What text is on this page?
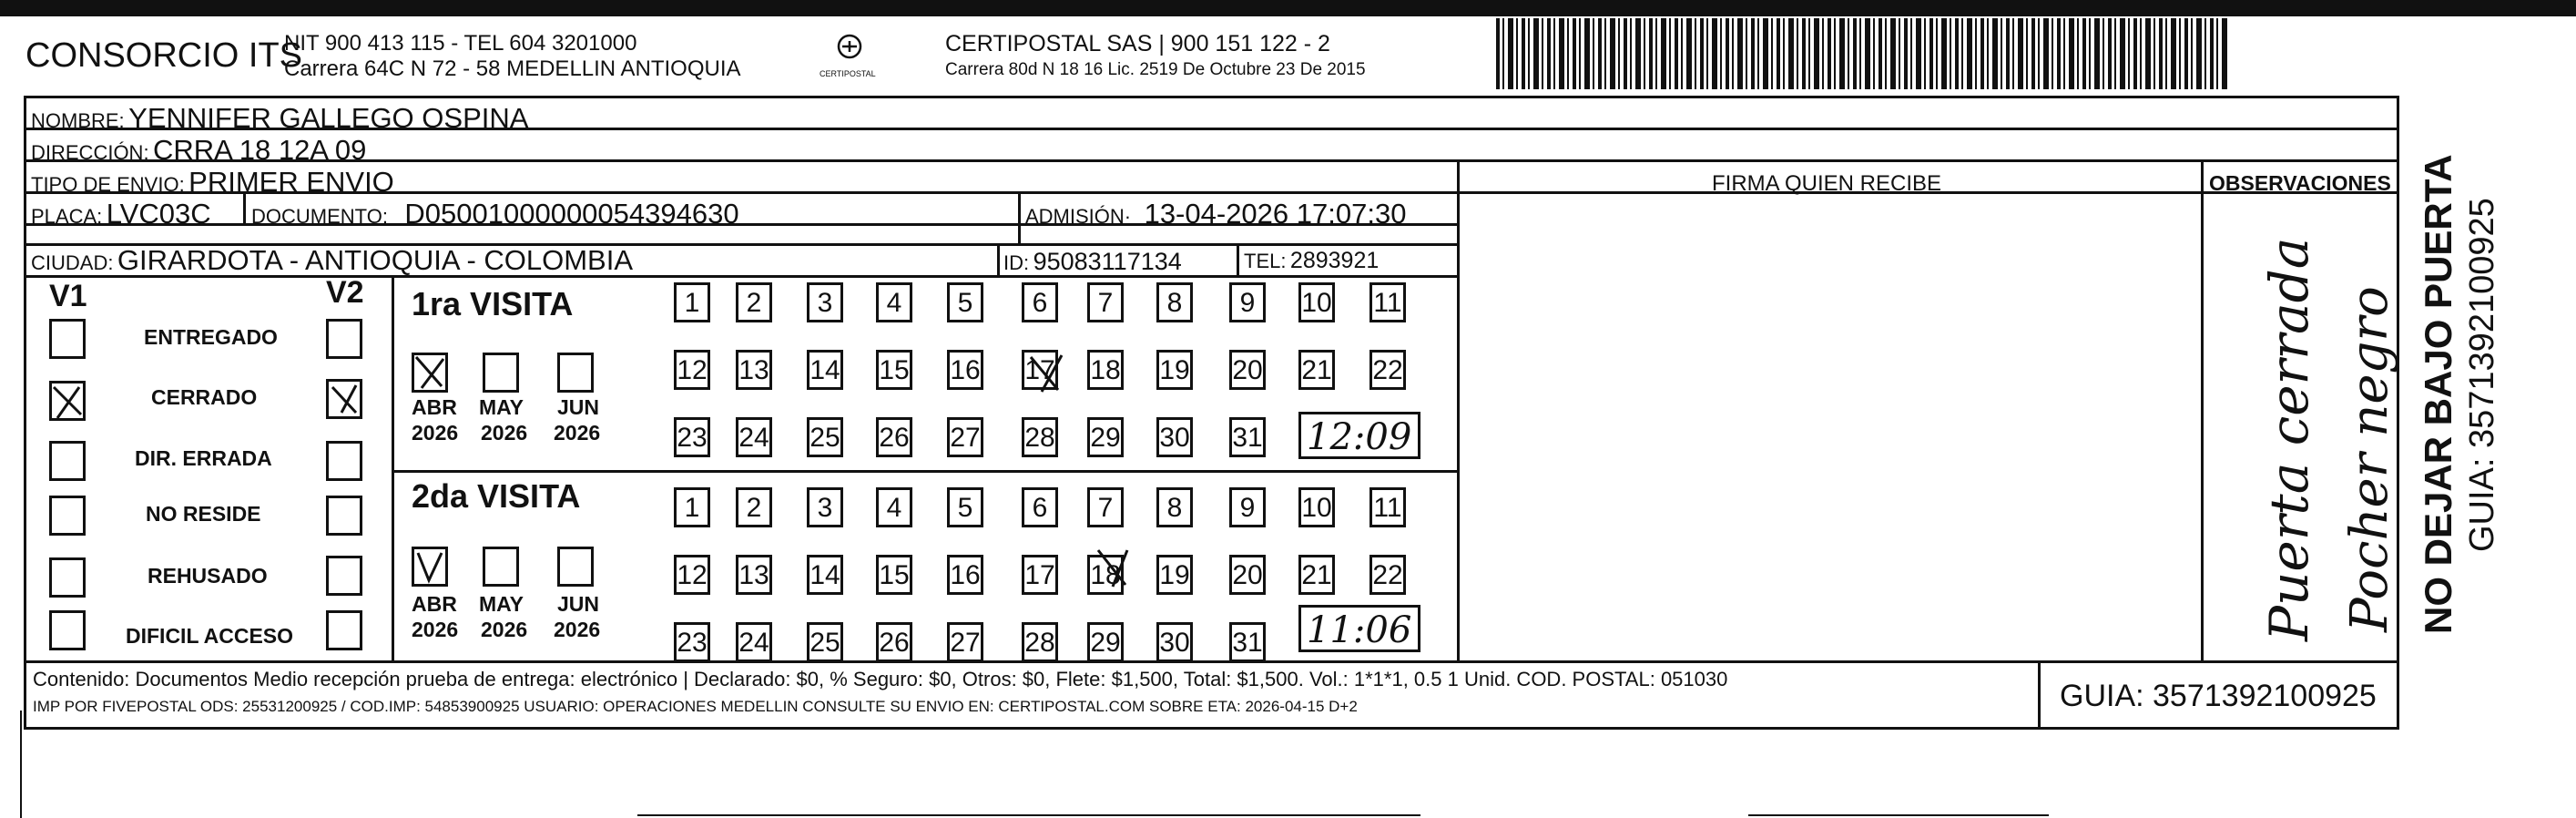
CONSORCIO ITS
NIT 900 413 115 - TEL 604 3201000
Carrera 64C N 72 - 58 MEDELLIN ANTIOQUIA	CERTIPOSTAL
CERTIPOSTAL SAS | 900 151 122 - 2
Carrera 80d N 18 16 Lic. 2519 De Octubre 23 De 2015
NOMBRE: YENNIFER GALLEGO OSPINA
DIRECCIÓN: CRRA 18 12A 09
TIPO DE ENVIO: PRIMER ENVIO	FIRMA QUIEN RECIBE	OBSERVACIONES
PLACA: LVC03C DOCUMENTO: D05001000000054394630	ADMISIÓN· 13-04-2026 17:07:30
CIUDAD: GIRARDOTA - ANTIOQUIA - COLOMBIA	ID: 95083117134	TEL: 2893921
V1	V2
ENTREGADO
CERRADO
DIR. ERRADA
NO RESIDE
REHUSADO
DIFICIL ACCESO
1ra VISITA
ABR MAY JUN
2026 2026 2026
1	2	3	4	5	6	7	8	9	10 11
12 13 14 15 16 17 18 19 20 21 22
23 24 25 26 27 28 29 30 31 12:09
2da VISITA
ABR MAY JUN
2026 2026 2026
1	2	3	4	5	6	7	8	9	10 11
12 13 14 15 16 17 18 19 20 21 22
23 24 25 26 27 28 29 30 31 11:06	Puerta cerrada Pocher negro
Contenido: Documentos Medio recepción prueba de entrega: electrónico | Declarado: $0, % Seguro: $0, Otros: $0, Flete: $1,500, Total: $1,500. Vol.: 1*1*1, 0.5 1 Unid. COD. POSTAL: 051030
IMP POR FIVEPOSTAL ODS: 25531200925 / COD.IMP: 54853900925 USUARIO: OPERACIONES MEDELLIN CONSULTE SU ENVIO EN: CERTIPOSTAL.COM SOBRE ETA: 2026-04-15 D+2	GUIA: 3571392100925
NO DEJAR BAJO PUERTA GUIA: 3571392100925
